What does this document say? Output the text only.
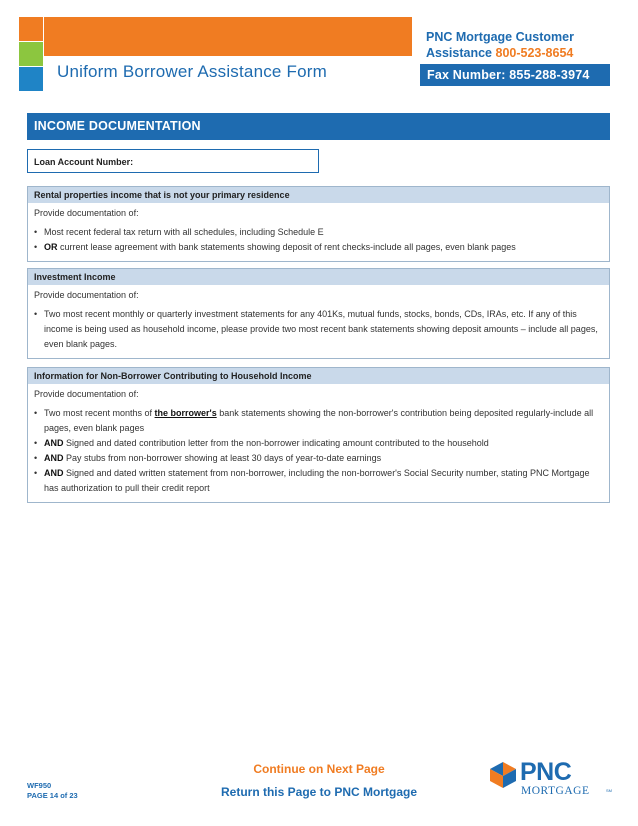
Uniform Borrower Assistance Form
PNC Mortgage Customer
Assistance 800-523-8654
Fax Number: 855-288-3974
INCOME DOCUMENTATION
Loan Account Number:
Rental properties income that is not your primary residence
Provide documentation of:
• Most recent federal tax return with all schedules, including Schedule E
• OR current lease agreement with bank statements showing deposit of rent checks-include all pages, even blank pages
Investment Income
Provide documentation of:
• Two most recent monthly or quarterly investment statements for any 401Ks, mutual funds, stocks, bonds, CDs, IRAs, etc. If any of this income is being used as household income, please provide two most recent bank statements showing deposit amounts – include all pages, even blank pages.
Information for Non-Borrower Contributing to Household Income
Provide documentation of:
• Two most recent months of the borrower's bank statements showing the non-borrower's contribution being deposited regularly-include all pages, even blank pages
• AND Signed and dated contribution letter from the non-borrower indicating amount contributed to the household
• AND Pay stubs from non-borrower showing at least 30 days of year-to-date earnings
• AND Signed and dated written statement from non-borrower, including the non-borrower's Social Security number, stating PNC Mortgage has authorization to pull their credit report
Continue on Next Page
Return this Page to PNC Mortgage
WF950
PAGE 14 of 23
PNC
MORTGAGE	SM
